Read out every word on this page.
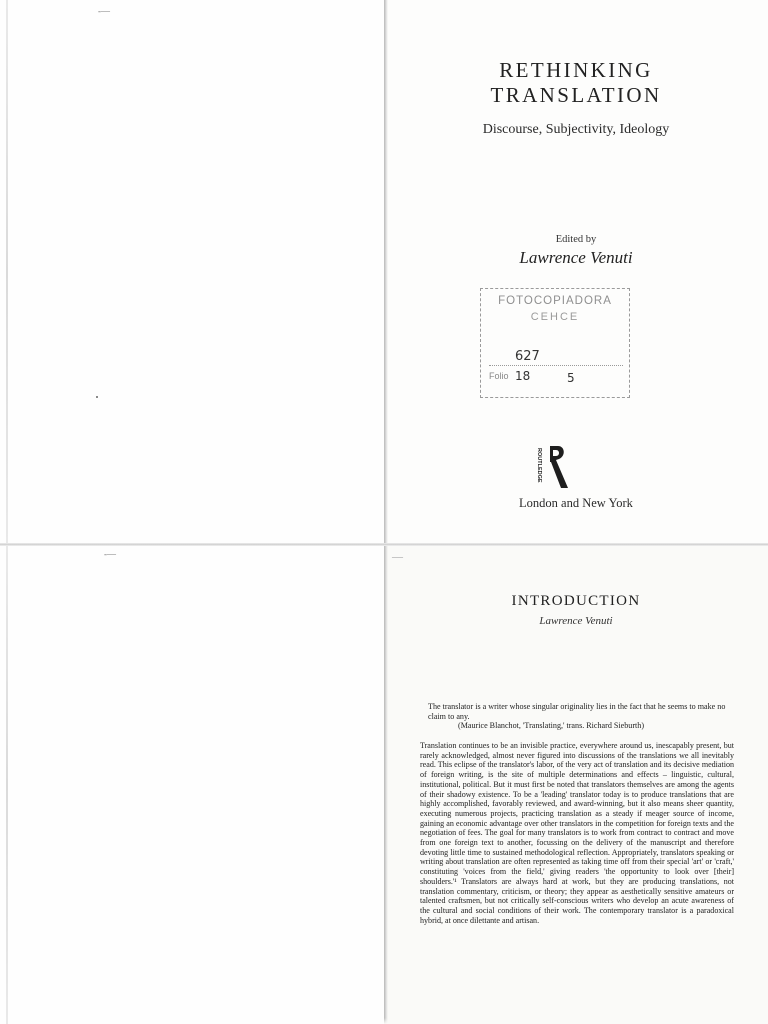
-—
-—
RETHINKING
TRANSLATION
Discourse, Subjectivity, Ideology
Edited by
Lawrence Venuti
FOTOCOPIADORA
CEHCE
627
Folio 18	5
ROUTLEDGE
London and New York
—
INTRODUCTION
Lawrence Venuti
The translator is a writer whose singular originality lies in the fact that he seems to make no claim to any.
(Maurice Blanchot, 'Translating,' trans. Richard Sieburth)

Translation continues to be an invisible practice, everywhere around us, inescapably present, but rarely acknowledged, almost never figured into discussions of the translations we all inevitably read. This eclipse of the translator's labor, of the very act of translation and its decisive mediation of foreign writing, is the site of multiple determinations and effects – linguistic, cultural, institutional, political. But it must first be noted that translators themselves are among the agents of their shadowy existence. To be a 'leading' translator today is to produce translations that are highly accomplished, favorably reviewed, and award-winning, but it also means sheer quantity, executing numerous projects, practicing translation as a steady if meager source of income, gaining an economic advantage over other translators in the competition for foreign texts and the negotiation of fees. The goal for many translators is to work from contract to contract and move from one foreign text to another, focussing on the delivery of the manuscript and therefore devoting little time to sustained methodological reflection. Appropriately, translators speaking or writing about translation are often represented as taking time off from their special 'art' or 'craft,' constituting 'voices from the field,' giving readers 'the opportunity to look over [their] shoulders.'¹ Translators are always hard at work, but they are producing translations, not translation commentary, criticism, or theory; they appear as aesthetically sensitive amateurs or talented craftsmen, but not critically self-conscious writers who develop an acute awareness of the cultural and social conditions of their work. The contemporary translator is a paradoxical hybrid, at once dilettante and artisan.
